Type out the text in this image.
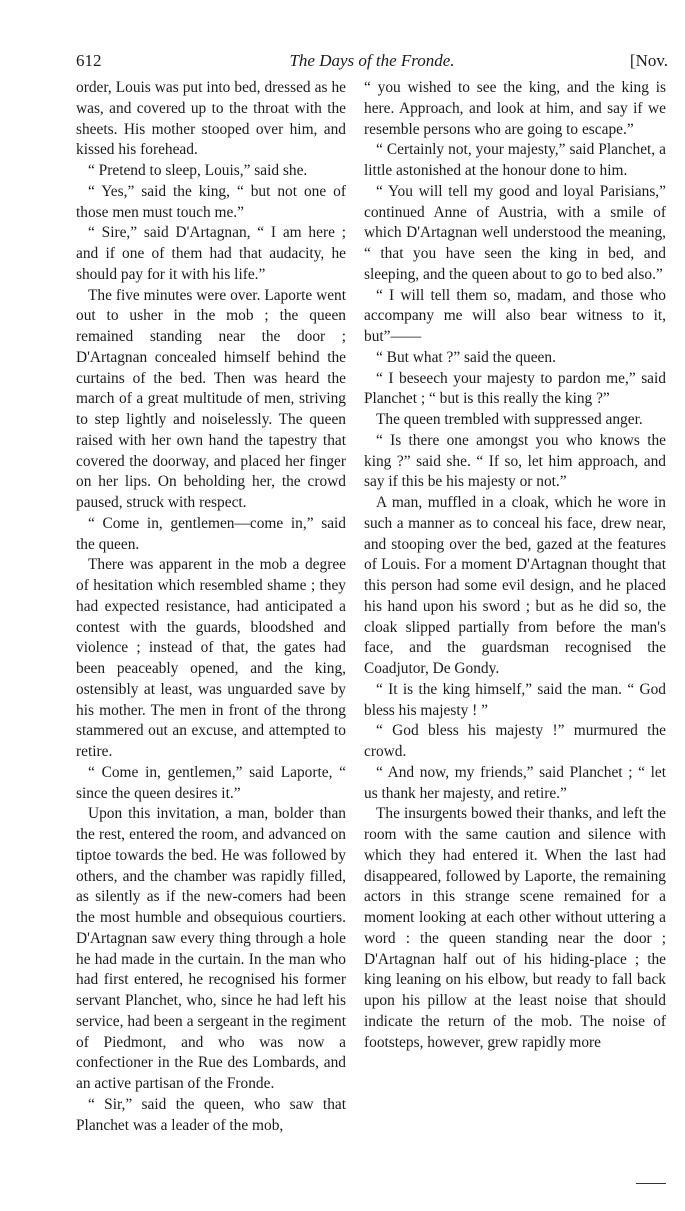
612	The Days of the Fronde.	[Nov.

order, Louis was put into bed, dressed as he was, and covered up to the throat with the sheets. His mother stooped over him, and kissed his forehead.

“ Pretend to sleep, Louis,” said she.

“ Yes,” said the king, “ but not one of those men must touch me.”

“ Sire,” said D'Artagnan, “ I am here ; and if one of them had that audacity, he should pay for it with his life.”

The five minutes were over. Laporte went out to usher in the mob ; the queen remained standing near the door ; D'Artagnan concealed himself behind the curtains of the bed. Then was heard the march of a great multitude of men, striving to step lightly and noiselessly. The queen raised with her own hand the tapestry that covered the doorway, and placed her finger on her lips. On beholding her, the crowd paused, struck with respect.

“ Come in, gentlemen—come in,” said the queen.

There was apparent in the mob a degree of hesitation which resembled shame ; they had expected resistance, had anticipated a contest with the guards, bloodshed and violence ; instead of that, the gates had been peaceably opened, and the king, ostensibly at least, was unguarded save by his mother. The men in front of the throng stammered out an excuse, and attempted to retire.

“ Come in, gentlemen,” said Laporte, “ since the queen desires it.”

Upon this invitation, a man, bolder than the rest, entered the room, and advanced on tiptoe towards the bed. He was followed by others, and the chamber was rapidly filled, as silently as if the new-comers had been the most humble and obsequious courtiers. D'Artagnan saw every thing through a hole he had made in the curtain. In the man who had first entered, he recognised his former servant Planchet, who, since he had left his service, had been a sergeant in the regiment of Piedmont, and who was now a confectioner in the Rue des Lombards, and an active partisan of the Fronde.

“ Sir,” said the queen, who saw that Planchet was a leader of the mob,

“ you wished to see the king, and the king is here. Approach, and look at him, and say if we resemble persons who are going to escape.”

“ Certainly not, your majesty,” said Planchet, a little astonished at the honour done to him.

“ You will tell my good and loyal Parisians,” continued Anne of Austria, with a smile of which D'Artagnan well understood the meaning, “ that you have seen the king in bed, and sleeping, and the queen about to go to bed also.”

“ I will tell them so, madam, and those who accompany me will also bear witness to it, but”——

“ But what ?” said the queen.

“ I beseech your majesty to pardon me,” said Planchet ; “ but is this really the king ?”

The queen trembled with suppressed anger.

“ Is there one amongst you who knows the king ?” said she. “ If so, let him approach, and say if this be his majesty or not.”

A man, muffled in a cloak, which he wore in such a manner as to conceal his face, drew near, and stooping over the bed, gazed at the features of Louis. For a moment D'Artagnan thought that this person had some evil design, and he placed his hand upon his sword ; but as he did so, the cloak slipped partially from before the man's face, and the guardsman recognised the Coadjutor, De Gondy.

“ It is the king himself,” said the man. “ God bless his majesty ! ”

“ God bless his majesty !” murmured the crowd.

“ And now, my friends,” said Planchet ; “ let us thank her majesty, and retire.”

The insurgents bowed their thanks, and left the room with the same caution and silence with which they had entered it. When the last had disappeared, followed by Laporte, the remaining actors in this strange scene remained for a moment looking at each other without uttering a word : the queen standing near the door ; D'Artagnan half out of his hiding-place ; the king leaning on his elbow, but ready to fall back upon his pillow at the least noise that should indicate the return of the mob. The noise of footsteps, however, grew rapidly more
